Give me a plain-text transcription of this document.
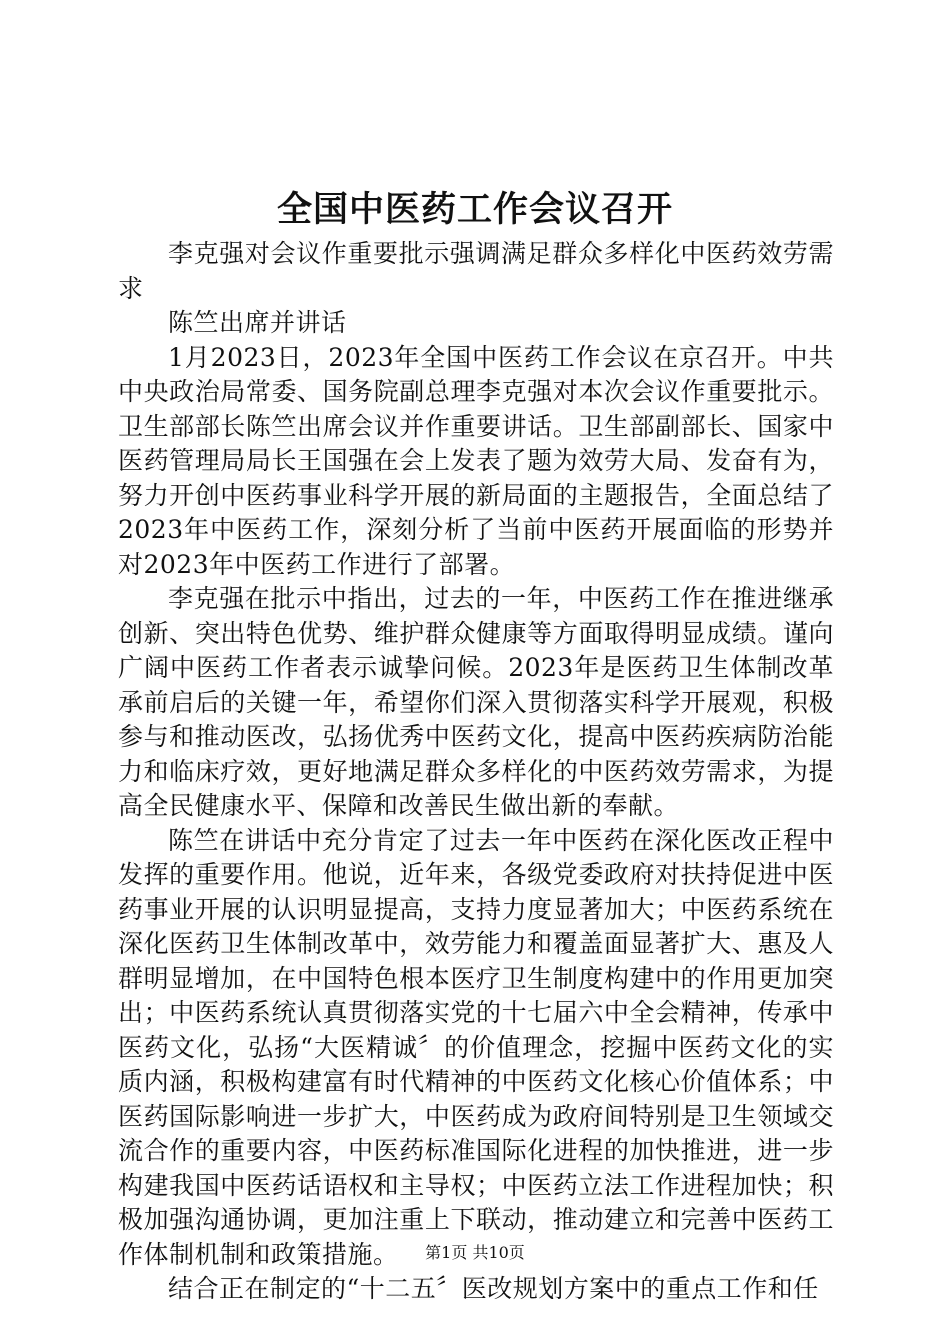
全国中医药工作会议召开

李克强对会议作重要批示强调满足群众多样化中医药效劳需求

陈竺出席并讲话

1月2023日，2023年全国中医药工作会议在京召开。中共中央政治局常委、国务院副总理李克强对本次会议作重要批示。卫生部部长陈竺出席会议并作重要讲话。卫生部副部长、国家中医药管理局局长王国强在会上发表了题为效劳大局、发奋有为，努力开创中医药事业科学开展的新局面的主题报告，全面总结了2023年中医药工作，深刻分析了当前中医药开展面临的形势并对2023年中医药工作进行了部署。

李克强在批示中指出，过去的一年，中医药工作在推进继承创新、突出特色优势、维护群众健康等方面取得明显成绩。谨向广阔中医药工作者表示诚挚问候。2023年是医药卫生体制改革承前启后的关键一年，希望你们深入贯彻落实科学开展观，积极参与和推动医改，弘扬优秀中医药文化，提高中医药疾病防治能力和临床疗效，更好地满足群众多样化的中医药效劳需求，为提高全民健康水平、保障和改善民生做出新的奉献。

陈竺在讲话中充分肯定了过去一年中医药在深化医改正程中发挥的重要作用。他说，近年来，各级党委政府对扶持促进中医药事业开展的认识明显提高，支持力度显著加大；中医药系统在深化医药卫生体制改革中，效劳能力和覆盖面显著扩大、惠及人群明显增加，在中国特色根本医疗卫生制度构建中的作用更加突出；中医药系统认真贯彻落实党的十七届六中全会精神，传承中医药文化，弘扬“大医精诚〞的价值理念，挖掘中医药文化的实质内涵，积极构建富有时代精神的中医药文化核心价值体系；中医药国际影响进一步扩大，中医药成为政府间特别是卫生领域交流合作的重要内容，中医药标准国际化进程的加快推进，进一步构建我国中医药话语权和主导权；中医药立法工作进程加快；积极加强沟通协调，更加注重上下联动，推动建立和完善中医药工作体制机制和政策措施。

结合正在制定的“十二五〞医改规划方案中的重点工作和任

第1页 共10页
